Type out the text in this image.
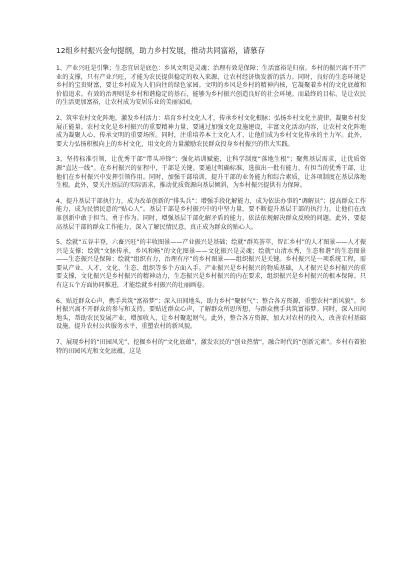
12组乡村振兴金句提纲，助力乡村发展，推动共同富裕，请慕存

1、产业兴旺是引擎；生态宜居是底色：乡风文明是灵魂；治理有效是保障；生活富裕是归宿。乡村的振兴离不开产业的支撑，只有产业兴旺，才能为农民提供稳定的收入来源，让农村经济焕发新的活力。同时，良好的生态环境是乡村的宝贵财富，要让乡村成为人们向往的绿色家园。文明的乡风是乡村的精神内核，它凝聚着乡村的文化底蕴和价值追求。有效的治理则是乡村和谐稳定的基石，能够为乡村振兴创造良好的社会环境。而最终的目标，是让农民的生活更加富裕，让农村成为安居乐业的美丽家园。

2、筑牢农村文化阵地，激发乡村活力：培育乡村文化人才，传承乡村文化根脉；弘扬乡村文化主旋律，凝聚乡村发展正能量。农村文化是乡村振兴的重要精神力量，要通过加强文化设施建设，丰富文化活动内容，让农村文化阵地成为凝聚人心、传承文明的重要场所。同时，注重培养本土文化人才，让他们成为乡村文化传承的主力军。此外，要大力弘扬积极向上的乡村文化，用文化的力量激励农民群众投身乡村振兴的伟大实践。

3、坚持标准引领，让优秀干部“带头冲锋”；强化培训赋能，让科学制度“落地生根”；聚焦基层需求，让优质资源“直达一线”。在乡村振兴的征程中，干部是关键。要通过明确标准，选拔出一批有能力、有担当的优秀干部，让他们在乡村振兴中发挥引领作用。同时，加强干部培训，提升干部的业务能力和综合素质，让各项制度在基层落地生根。此外，要关注基层的实际需求，推动优质资源向基层倾斜，为乡村振兴提供有力保障。

4、提升基层干部执行力，成为改革创新的“排头兵”；增强手段化解能力，成为依法办事的“调解员”；提高群众工作能力，成为民情民意的“贴心人”。基层干部是乡村振兴中的中坚力量，要不断提升基层干部的执行力，让他们在改革创新中敢于担当、勇于作为。同时，增强基层干部化解矛盾的能力，依法依规解决群众反映的问题。此外，要提高基层干部的群众工作能力，深入了解民情民意，真正成为群众的贴心人。

5、绘就“五谷丰登，六畜兴旺”的丰收图景——产业振兴是基础；绘就“群英荟萃，智汇乡村”的人才图景——人才振兴是支撑；绘就“文脉传承，乡风和畅”的文化图景——文化振兴是灵魂；绘就“山清水秀，生态和谐”的生态图景——生态振兴是保障；绘就“组织有力，治理有序”的乡村图景——组织振兴是关键。乡村振兴是一项系统工程，需要从产业、人才、文化、生态、组织等多个方面入手。产业振兴是乡村振兴的物质基础，人才振兴是乡村振兴的重要支撑，文化振兴是乡村振兴的精神动力，生态振兴是乡村振兴的内在要求，组织振兴是乡村振兴的根本保障。只有这五个方面协同推进，才能绘就乡村振兴的壮丽画卷。

6、贴近群众心声，携手共筑“富裕梦”；深入田间地头，助力乡村“聚财气”；整合各方资源，重塑农村“新风貌”。乡村振兴离不开群众的参与和支持。要贴近群众心声，了解群众所思所想，与群众携手共筑富裕梦。同时，深入田间地头，帮助农民发展产业，增加收入，让乡村聚起财气。此外，整合各方资源，加大对农村的投入，改善农村基础设施，提升农村公共服务水平，重塑农村的新风貌。

7、展现乡村的“田园风光”，挖掘乡村的“文化底蕴”，激发农民的“创业热情”，融合时代的“创新元素”。乡村有着独特的田园风光和文化底蕴，这是
